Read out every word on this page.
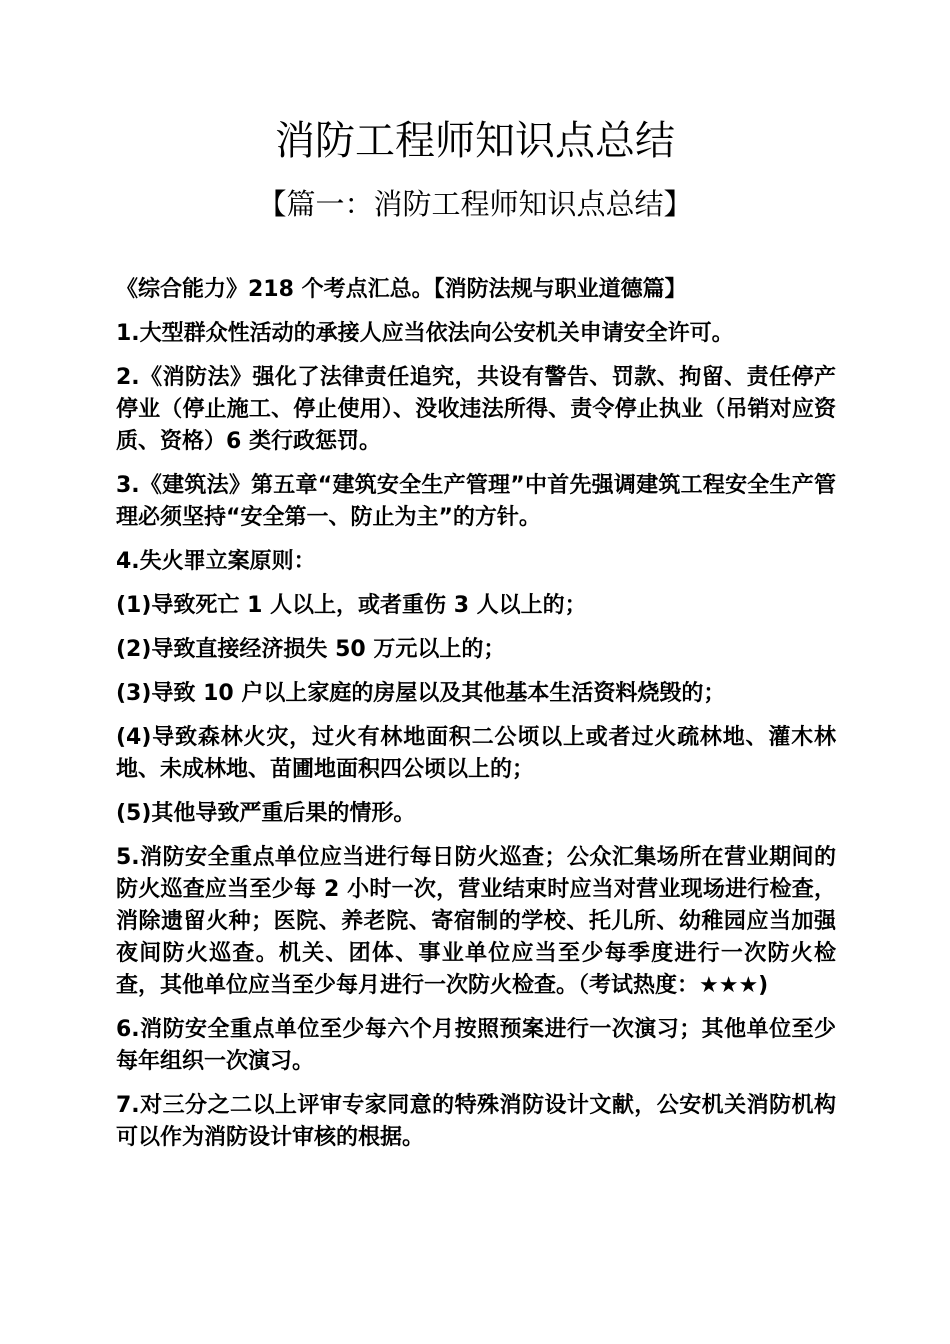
消防工程师知识点总结
【篇一：消防工程师知识点总结】

《综合能力》218 个考点汇总。【消防法规与职业道德篇】

1.大型群众性活动的承接人应当依法向公安机关申请安全许可。

2.《消防法》强化了法律责任追究，共设有警告、罚款、拘留、责任停产停业（停止施工、停止使用）、没收违法所得、责令停止执业（吊销对应资质、资格）6 类行政惩罚。

3.《建筑法》第五章“建筑安全生产管理”中首先强调建筑工程安全生产管理必须坚持“安全第一、防止为主”的方针。

4.失火罪立案原则：

(1)导致死亡 1 人以上，或者重伤 3 人以上的；

(2)导致直接经济损失 50 万元以上的；

(3)导致 10 户以上家庭的房屋以及其他基本生活资料烧毁的；

(4)导致森林火灾，过火有林地面积二公顷以上或者过火疏林地、灌木林地、未成林地、苗圃地面积四公顷以上的；

(5)其他导致严重后果的情形。

5.消防安全重点单位应当进行每日防火巡查；公众汇集场所在营业期间的防火巡查应当至少每 2 小时一次，营业结束时应当对营业现场进行检查，消除遗留火种；医院、养老院、寄宿制的学校、托儿所、幼稚园应当加强夜间防火巡查。机关、团体、事业单位应当至少每季度进行一次防火检查，其他单位应当至少每月进行一次防火检查。（考试热度：★★★)

6.消防安全重点单位至少每六个月按照预案进行一次演习；其他单位至少每年组织一次演习。

7.对三分之二以上评审专家同意的特殊消防设计文献，公安机关消防机构可以作为消防设计审核的根据。
